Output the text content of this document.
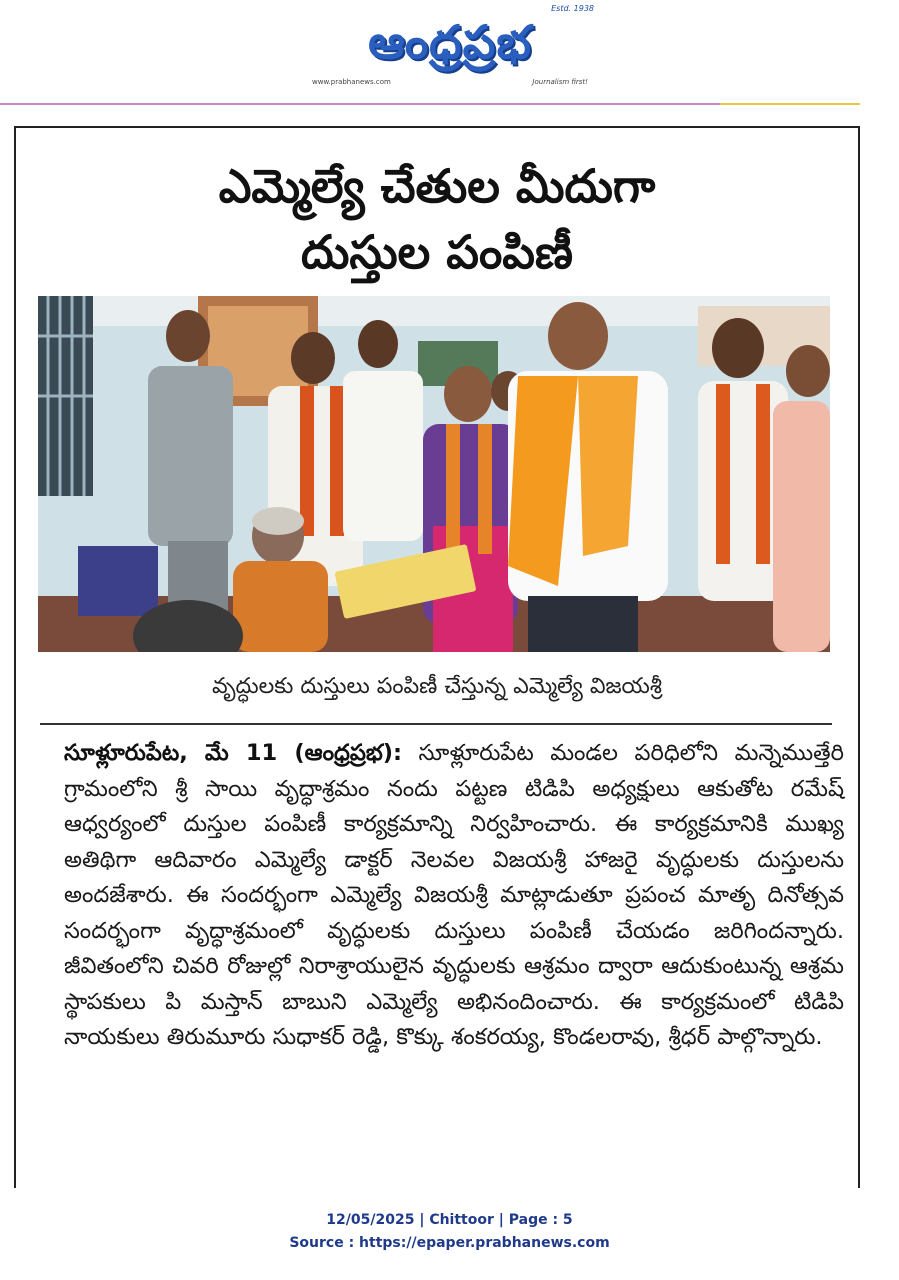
Estd. 1938
ఆంధ్రప్రభ
www.prabhanews.com	Journalism first!
ఎమ్మెల్యే చేతుల మీదుగా
దుస్తుల పంపిణీ
వృద్ధులకు దుస్తులు పంపిణీ చేస్తున్న ఎమ్మెల్యే విజయశ్రీ
సూళ్లూరుపేట, మే 11 (ఆంధ్రప్రభ): సూళ్లూరుపేట మండల పరిధిలోని మన్నెముత్తేరి గ్రామంలోని శ్రీ సాయి వృద్ధాశ్రమం నందు పట్టణ టిడిపి అధ్యక్షులు ఆకుతోట రమేష్ ఆధ్వర్యంలో దుస్తుల పంపిణీ కార్యక్రమాన్ని నిర్వహించారు. ఈ కార్యక్రమానికి ముఖ్య అతిథిగా ఆదివారం ఎమ్మెల్యే డాక్టర్ నెలవల విజయశ్రీ హాజరై వృద్ధులకు దుస్తులను అందజేశారు. ఈ సందర్భంగా ఎమ్మెల్యే విజయశ్రీ మాట్లాడుతూ ప్రపంచ మాతృ దినోత్సవ సందర్భంగా వృద్ధాశ్రమంలో వృద్ధులకు దుస్తులు పంపిణీ చేయడం జరిగిందన్నారు. జీవితంలోని చివరి రోజుల్లో నిరాశ్రాయులైన వృద్ధులకు ఆశ్రమం ద్వారా ఆదుకుంటున్న ఆశ్రమ స్థాపకులు పి మస్తాన్ బాబుని ఎమ్మెల్యే అభినందించారు. ఈ కార్యక్రమంలో టిడిపి నాయకులు తిరుమూరు సుధాకర్ రెడ్డి, కొక్కు శంకరయ్య, కొండలరావు, శ్రీధర్ పాల్గొన్నారు.
12/05/2025 | Chittoor | Page : 5
Source : https://epaper.prabhanews.com
